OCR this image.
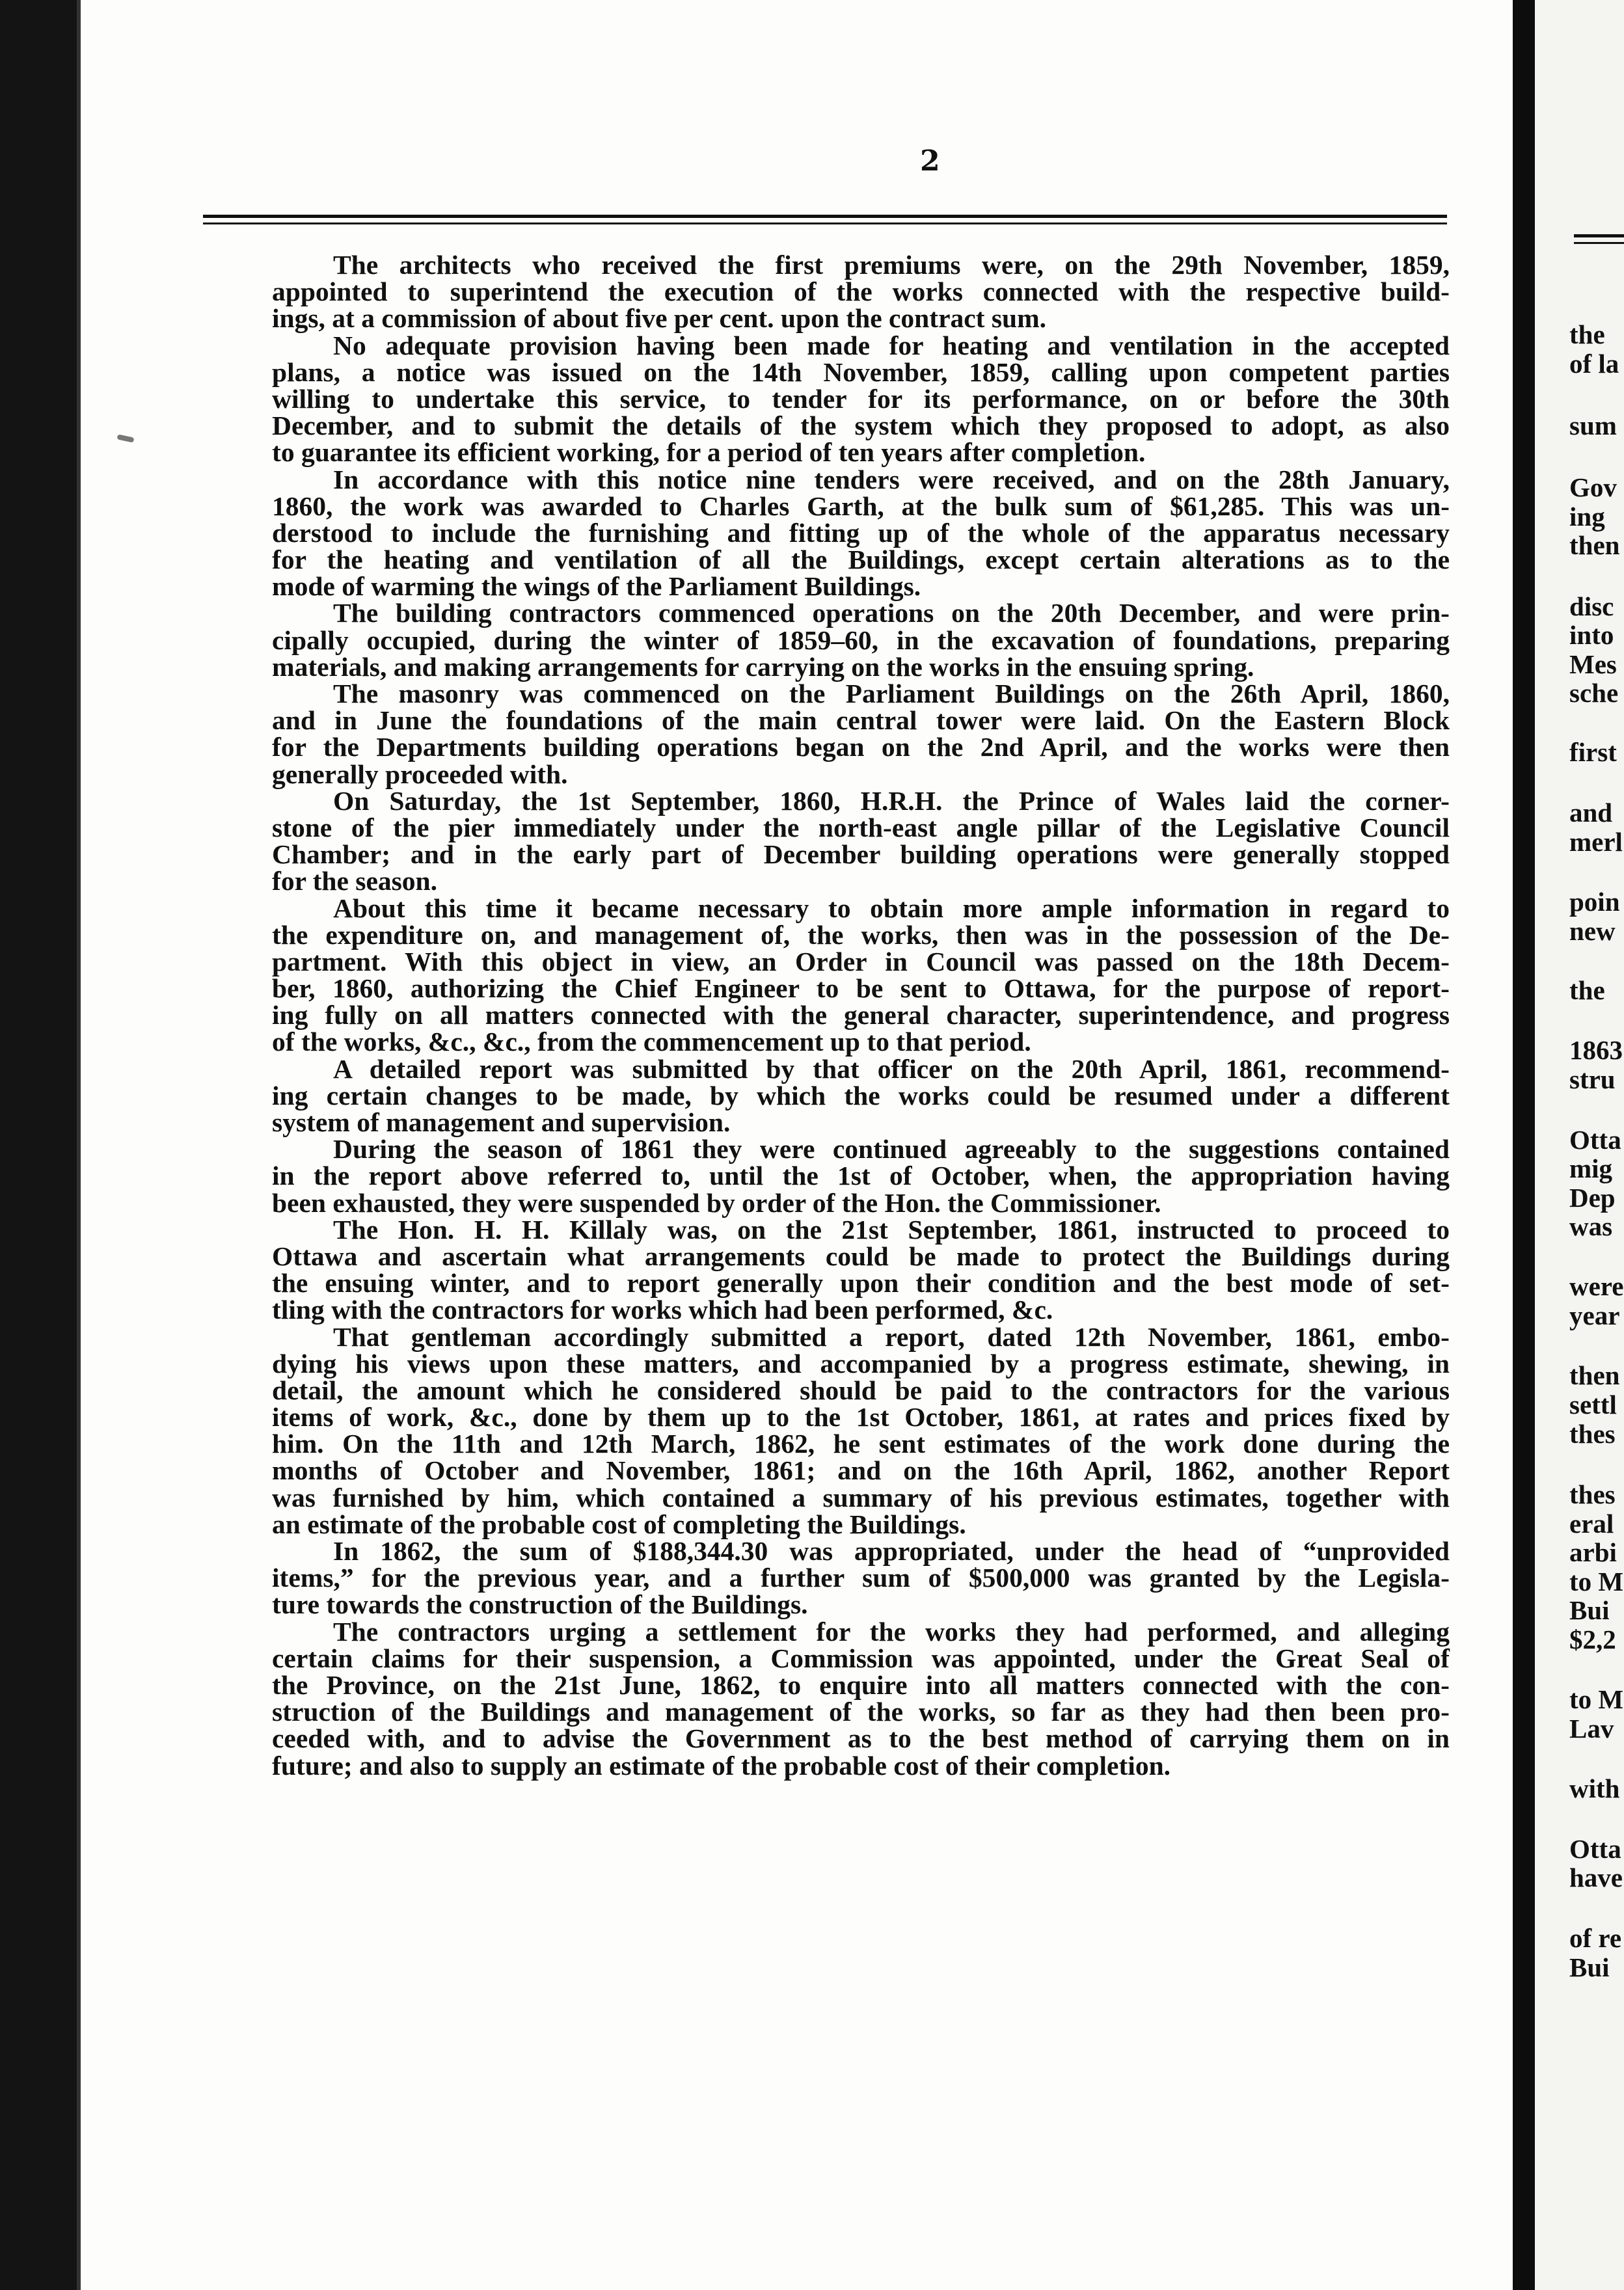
2
The architects who received the first premiums were, on the 29th November, 1859,
appointed to superintend the execution of the works connected with the respective build-
ings, at a commission of about five per cent. upon the contract sum.
No adequate provision having been made for heating and ventilation in the accepted
plans, a notice was issued on the 14th November, 1859, calling upon competent parties
willing to undertake this service, to tender for its performance, on or before the 30th
December, and to submit the details of the system which they proposed to adopt, as also
to guarantee its efficient working, for a period of ten years after completion.
In accordance with this notice nine tenders were received, and on the 28th January,
1860, the work was awarded to Charles Garth, at the bulk sum of $61,285. This was un-
derstood to include the furnishing and fitting up of the whole of the apparatus necessary
for the heating and ventilation of all the Buildings, except certain alterations as to the
mode of warming the wings of the Parliament Buildings.
The building contractors commenced operations on the 20th December, and were prin-
cipally occupied, during the winter of 1859–60, in the excavation of foundations, preparing
materials, and making arrangements for carrying on the works in the ensuing spring.
The masonry was commenced on the Parliament Buildings on the 26th April, 1860,
and in June the foundations of the main central tower were laid. On the Eastern Block
for the Departments building operations began on the 2nd April, and the works were then
generally proceeded with.
On Saturday, the 1st September, 1860, H.R.H. the Prince of Wales laid the corner-
stone of the pier immediately under the north-east angle pillar of the Legislative Council
Chamber; and in the early part of December building operations were generally stopped
for the season.
About this time it became necessary to obtain more ample information in regard to
the expenditure on, and management of, the works, then was in the possession of the De-
partment. With this object in view, an Order in Council was passed on the 18th Decem-
ber, 1860, authorizing the Chief Engineer to be sent to Ottawa, for the purpose of report-
ing fully on all matters connected with the general character, superintendence, and progress
of the works, &c., &c., from the commencement up to that period.
A detailed report was submitted by that officer on the 20th April, 1861, recommend-
ing certain changes to be made, by which the works could be resumed under a different
system of management and supervision.
During the season of 1861 they were continued agreeably to the suggestions contained
in the report above referred to, until the 1st of October, when, the appropriation having
been exhausted, they were suspended by order of the Hon. the Commissioner.
The Hon. H. H. Killaly was, on the 21st September, 1861, instructed to proceed to
Ottawa and ascertain what arrangements could be made to protect the Buildings during
the ensuing winter, and to report generally upon their condition and the best mode of set-
tling with the contractors for works which had been performed, &c.
That gentleman accordingly submitted a report, dated 12th November, 1861, embo-
dying his views upon these matters, and accompanied by a progress estimate, shewing, in
detail, the amount which he considered should be paid to the contractors for the various
items of work, &c., done by them up to the 1st October, 1861, at rates and prices fixed by
him. On the 11th and 12th March, 1862, he sent estimates of the work done during the
months of October and November, 1861; and on the 16th April, 1862, another Report
was furnished by him, which contained a summary of his previous estimates, together with
an estimate of the probable cost of completing the Buildings.
In 1862, the sum of $188,344.30 was appropriated, under the head of “unprovided
items,” for the previous year, and a further sum of $500,000 was granted by the Legisla-
ture towards the construction of the Buildings.
The contractors urging a settlement for the works they had performed, and alleging
certain claims for their suspension, a Commission was appointed, under the Great Seal of
the Province, on the 21st June, 1862, to enquire into all matters connected with the con-
struction of the Buildings and management of the works, so far as they had then been pro-
ceeded with, and to advise the Government as to the best method of carrying them on in
future; and also to supply an estimate of the probable cost of their completion.
the
of la
sum
Gov
ing
then
disc
into
Mes
sche
first
and
merl
poin
new
the
1863
stru
Otta
mig
Dep
was
were
year
then
settl
thes
thes
eral
arbi
to M
Bui
$2,2
to M
Lav
with
Otta
have
of re
Bui
